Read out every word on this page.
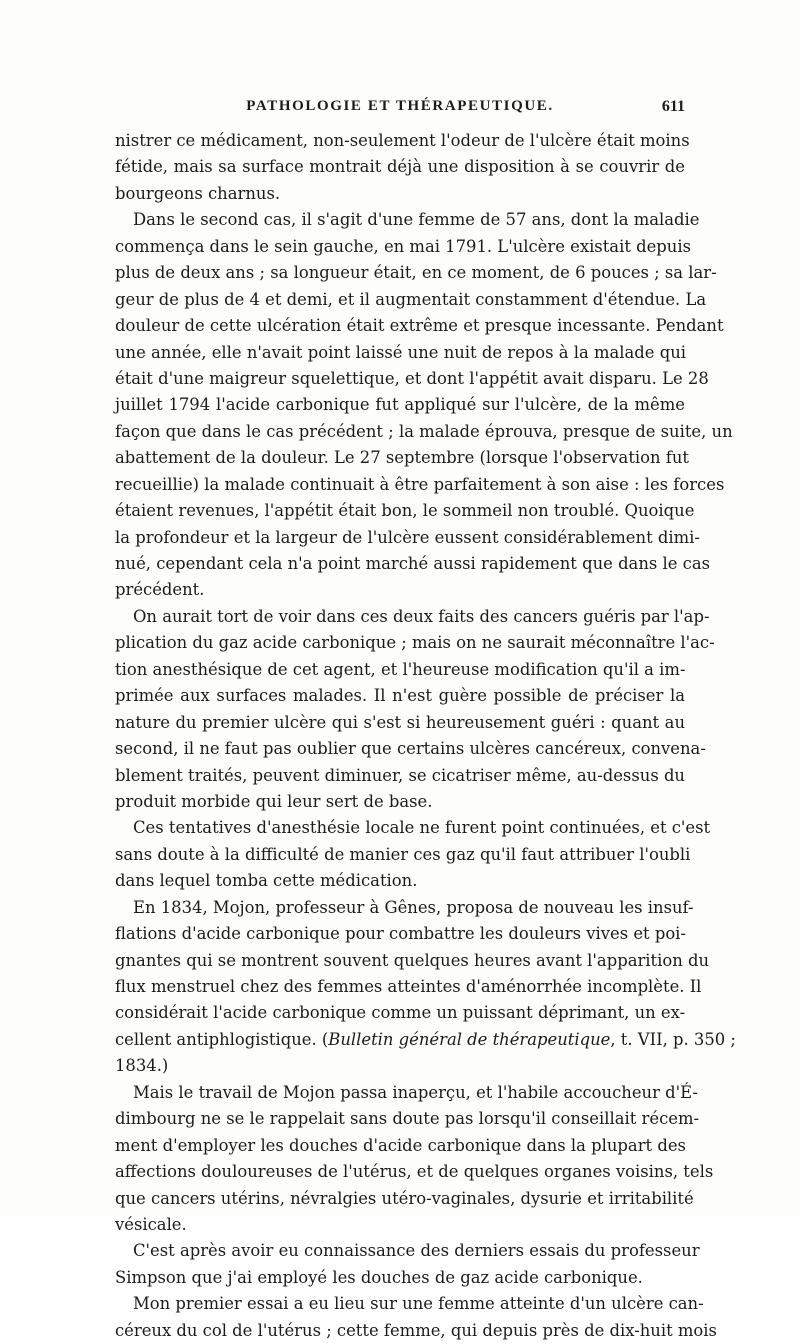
PATHOLOGIE ET THÉRAPEUTIQUE.	611
nistrer ce médicament, non-seulement l'odeur de l'ulcère était moins
fétide, mais sa surface montrait déjà une disposition à se couvrir de
bourgeons charnus.
Dans le second cas, il s'agit d'une femme de 57 ans, dont la maladie
commença dans le sein gauche, en mai 1791. L'ulcère existait depuis
plus de deux ans ; sa longueur était, en ce moment, de 6 pouces ; sa lar-
geur de plus de 4 et demi, et il augmentait constamment d'étendue. La
douleur de cette ulcération était extrême et presque incessante. Pendant
une année, elle n'avait point laissé une nuit de repos à la malade qui
était d'une maigreur squelettique, et dont l'appétit avait disparu. Le 28
juillet 1794 l'acide carbonique fut appliqué sur l'ulcère, de la même
façon que dans le cas précédent ; la malade éprouva, presque de suite, un
abattement de la douleur. Le 27 septembre (lorsque l'observation fut
recueillie) la malade continuait à être parfaitement à son aise : les forces
étaient revenues, l'appétit était bon, le sommeil non troublé. Quoique
la profondeur et la largeur de l'ulcère eussent considérablement dimi-
nué, cependant cela n'a point marché aussi rapidement que dans le cas
précédent.
On aurait tort de voir dans ces deux faits des cancers guéris par l'ap-
plication du gaz acide carbonique ; mais on ne saurait méconnaître l'ac-
tion anesthésique de cet agent, et l'heureuse modification qu'il a im-
primée aux surfaces malades. Il n'est guère possible de préciser la
nature du premier ulcère qui s'est si heureusement guéri : quant au
second, il ne faut pas oublier que certains ulcères cancéreux, convena-
blement traités, peuvent diminuer, se cicatriser même, au-dessus du
produit morbide qui leur sert de base.
Ces tentatives d'anesthésie locale ne furent point continuées, et c'est
sans doute à la difficulté de manier ces gaz qu'il faut attribuer l'oubli
dans lequel tomba cette médication.
En 1834, Mojon, professeur à Gênes, proposa de nouveau les insuf-
flations d'acide carbonique pour combattre les douleurs vives et poi-
gnantes qui se montrent souvent quelques heures avant l'apparition du
flux menstruel chez des femmes atteintes d'aménorrhée incomplète. Il
considérait l'acide carbonique comme un puissant déprimant, un ex-
cellent antiphlogistique. (Bulletin général de thérapeutique, t. VII, p. 350 ;
1834.)
Mais le travail de Mojon passa inaperçu, et l'habile accoucheur d'É-
dimbourg ne se le rappelait sans doute pas lorsqu'il conseillait récem-
ment d'employer les douches d'acide carbonique dans la plupart des
affections douloureuses de l'utérus, et de quelques organes voisins, tels
que cancers utérins, névralgies utéro-vaginales, dysurie et irritabilité
vésicale.
C'est après avoir eu connaissance des derniers essais du professeur
Simpson que j'ai employé les douches de gaz acide carbonique.
Mon premier essai a eu lieu sur une femme atteinte d'un ulcère can-
céreux du col de l'utérus ; cette femme, qui depuis près de dix-huit mois
